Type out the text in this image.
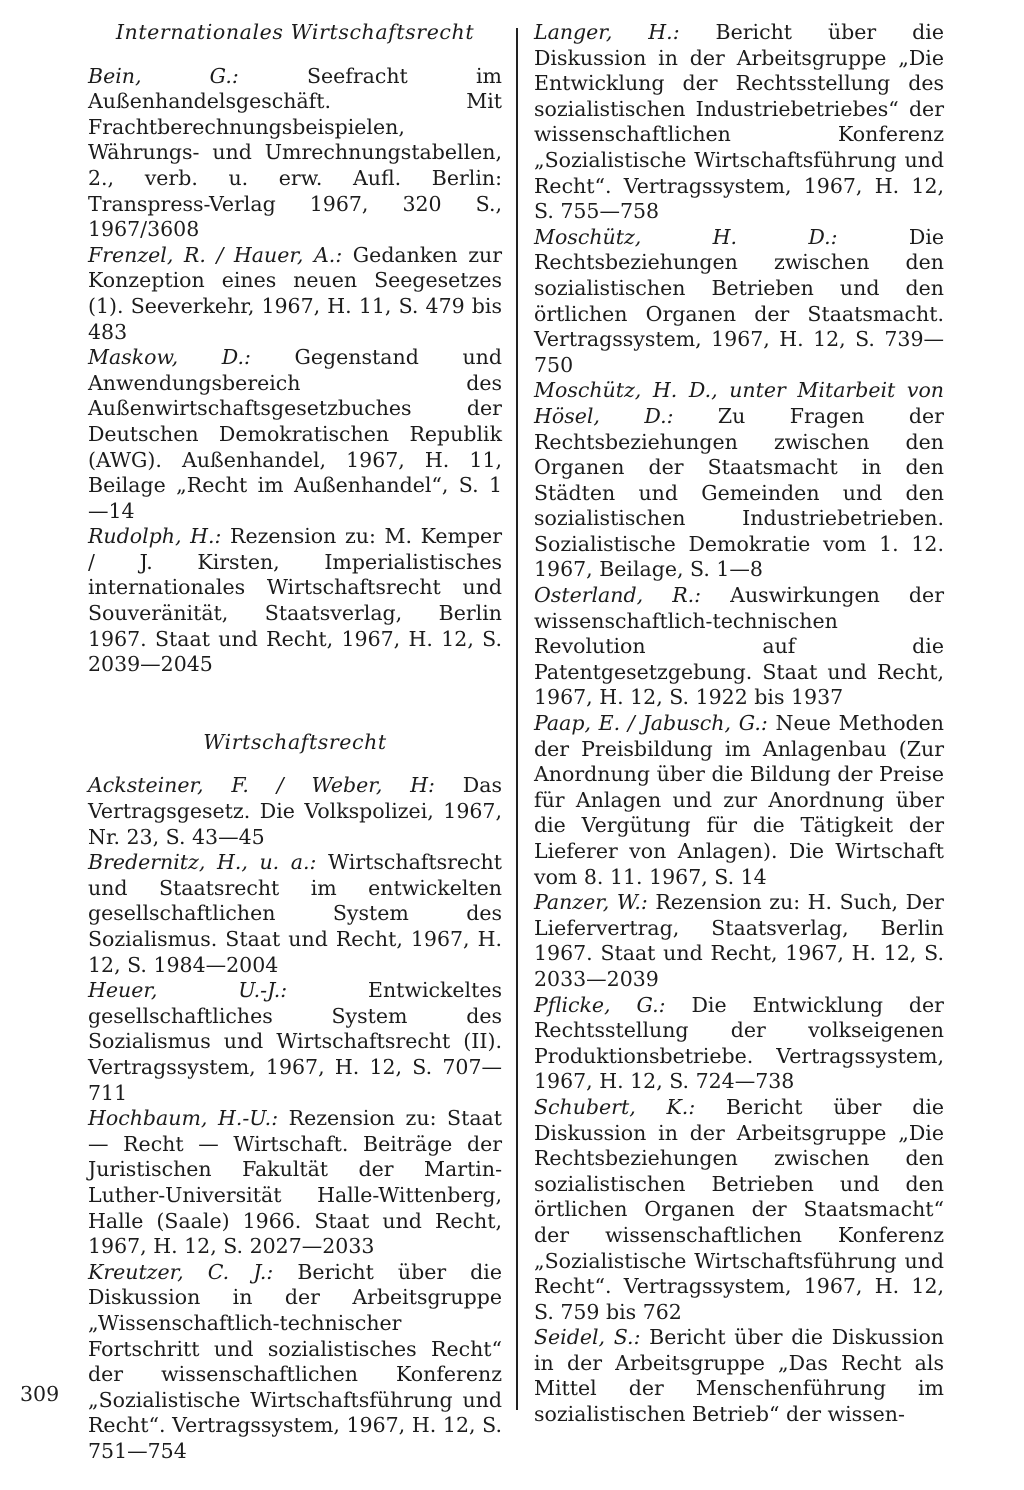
Internationales Wirtschaftsrecht

Bein, G.: Seefracht im Außenhandelsgeschäft. Mit Frachtberechnungsbeispielen, Währungs- und Umrechnungstabellen, 2., verb. u. erw. Aufl. Berlin: Transpress-Verlag 1967, 320 S., 1967/3608

Frenzel, R. / Hauer, A.: Gedanken zur Konzeption eines neuen Seegesetzes (1). Seeverkehr, 1967, H. 11, S. 479 bis 483

Maskow, D.: Gegenstand und Anwendungsbereich des Außenwirtschaftsgesetzbuches der Deutschen Demokratischen Republik (AWG). Außenhandel, 1967, H. 11, Beilage „Recht im Außenhandel“, S. 1—14

Rudolph, H.: Rezension zu: M. Kemper / J. Kirsten, Imperialistisches internationales Wirtschaftsrecht und Souveränität, Staatsverlag, Berlin 1967. Staat und Recht, 1967, H. 12, S. 2039—2045

Wirtschaftsrecht

Acksteiner, F. / Weber, H: Das Vertragsgesetz. Die Volkspolizei, 1967, Nr. 23, S. 43—45

Bredernitz, H., u. a.: Wirtschaftsrecht und Staatsrecht im entwickelten gesellschaftlichen System des Sozialismus. Staat und Recht, 1967, H. 12, S. 1984—2004

Heuer, U.-J.: Entwickeltes gesellschaftliches System des Sozialismus und Wirtschaftsrecht (II). Vertragssystem, 1967, H. 12, S. 707—711

Hochbaum, H.-U.: Rezension zu: Staat — Recht — Wirtschaft. Beiträge der Juristischen Fakultät der Martin-Luther-Universität Halle-Wittenberg, Halle (Saale) 1966. Staat und Recht, 1967, H. 12, S. 2027—2033

Kreutzer, C. J.: Bericht über die Diskussion in der Arbeitsgruppe „Wissenschaftlich-technischer Fortschritt und sozialistisches Recht“ der wissenschaftlichen Konferenz „Sozialistische Wirtschaftsführung und Recht“. Vertragssystem, 1967, H. 12, S. 751—754

Langer, H.: Bericht über die Diskussion in der Arbeitsgruppe „Die Entwicklung der Rechtsstellung des sozialistischen Industriebetriebes“ der wissenschaftlichen Konferenz „Sozialistische Wirtschaftsführung und Recht“. Vertragssystem, 1967, H. 12, S. 755—758

Moschütz, H. D.: Die Rechtsbeziehungen zwischen den sozialistischen Betrieben und den örtlichen Organen der Staatsmacht. Vertragssystem, 1967, H. 12, S. 739—750

Moschütz, H. D., unter Mitarbeit von Hösel, D.: Zu Fragen der Rechtsbeziehungen zwischen den Organen der Staatsmacht in den Städten und Gemeinden und den sozialistischen Industriebetrieben. Sozialistische Demokratie vom 1. 12. 1967, Beilage, S. 1—8

Osterland, R.: Auswirkungen der wissenschaftlich-technischen Revolution auf die Patentgesetzgebung. Staat und Recht, 1967, H. 12, S. 1922 bis 1937

Paap, E. / Jabusch, G.: Neue Methoden der Preisbildung im Anlagenbau (Zur Anordnung über die Bildung der Preise für Anlagen und zur Anordnung über die Vergütung für die Tätigkeit der Lieferer von Anlagen). Die Wirtschaft vom 8. 11. 1967, S. 14

Panzer, W.: Rezension zu: H. Such, Der Liefervertrag, Staatsverlag, Berlin 1967. Staat und Recht, 1967, H. 12, S. 2033—2039

Pflicke, G.: Die Entwicklung der Rechtsstellung der volkseigenen Produktionsbetriebe. Vertragssystem, 1967, H. 12, S. 724—738

Schubert, K.: Bericht über die Diskussion in der Arbeitsgruppe „Die Rechtsbeziehungen zwischen den sozialistischen Betrieben und den örtlichen Organen der Staatsmacht“ der wissenschaftlichen Konferenz „Sozialistische Wirtschaftsführung und Recht“. Vertragssystem, 1967, H. 12, S. 759 bis 762

Seidel, S.: Bericht über die Diskussion in der Arbeitsgruppe „Das Recht als Mittel der Menschenführung im sozialistischen Betrieb“ der wissen-

309
